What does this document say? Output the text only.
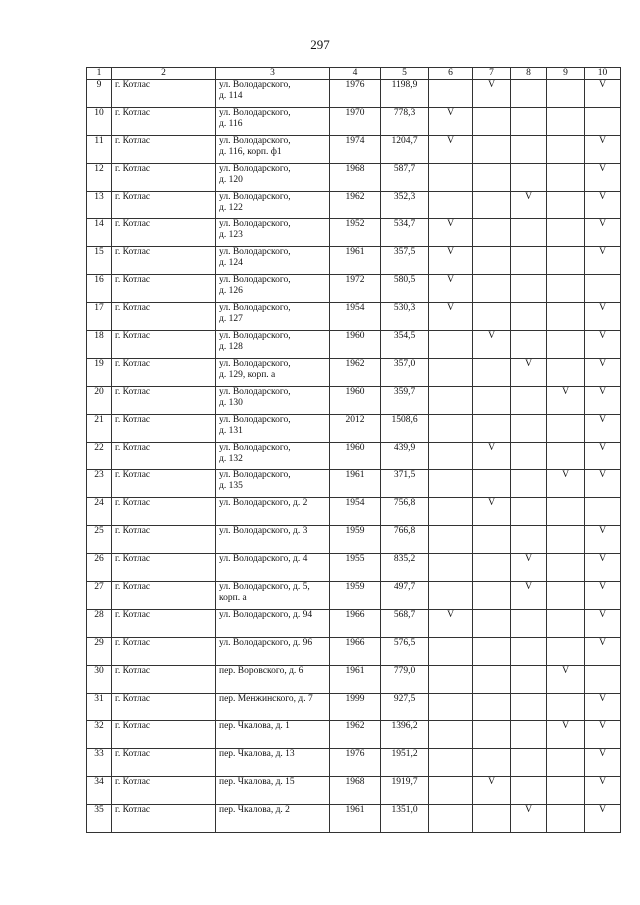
297
1	2	3	4	5	6	7	8	9	10
9	г. Котлас	ул. Володарского,
д. 114	1976	1198,9		V			V
10	г. Котлас	ул. Володарского,
д. 116	1970	778,3	V				
11	г. Котлас	ул. Володарского,
д. 116, корп. ф1	1974	1204,7	V				V
12	г. Котлас	ул. Володарского,
д. 120	1968	587,7					V
13	г. Котлас	ул. Володарского,
д. 122	1962	352,3			V		V
14	г. Котлас	ул. Володарского,
д. 123	1952	534,7	V				V
15	г. Котлас	ул. Володарского,
д. 124	1961	357,5	V				V
16	г. Котлас	ул. Володарского,
д. 126	1972	580,5	V				
17	г. Котлас	ул. Володарского,
д. 127	1954	530,3	V				V
18	г. Котлас	ул. Володарского,
д. 128	1960	354,5		V			V
19	г. Котлас	ул. Володарского,
д. 129, корп. а	1962	357,0			V		V
20	г. Котлас	ул. Володарского,
д. 130	1960	359,7				V	V
21	г. Котлас	ул. Володарского,
д. 131	2012	1508,6					V
22	г. Котлас	ул. Володарского,
д. 132	1960	439,9		V			V
23	г. Котлас	ул. Володарского,
д. 135	1961	371,5				V	V
24	г. Котлас	ул. Володарского, д. 2	1954	756,8		V			
25	г. Котлас	ул. Володарского, д. 3	1959	766,8					V
26	г. Котлас	ул. Володарского, д. 4	1955	835,2			V		V
27	г. Котлас	ул. Володарского, д. 5,
корп. а	1959	497,7			V		V
28	г. Котлас	ул. Володарского, д. 94	1966	568,7	V				V
29	г. Котлас	ул. Володарского, д. 96	1966	576,5					V
30	г. Котлас	пер. Воровского, д. 6	1961	779,0				V	
31	г. Котлас	пер. Менжинского, д. 7	1999	927,5					V
32	г. Котлас	пер. Чкалова, д. 1	1962	1396,2				V	V
33	г. Котлас	пер. Чкалова, д. 13	1976	1951,2					V
34	г. Котлас	пер. Чкалова, д. 15	1968	1919,7		V			V
35	г. Котлас	пер. Чкалова, д. 2	1961	1351,0			V		V
